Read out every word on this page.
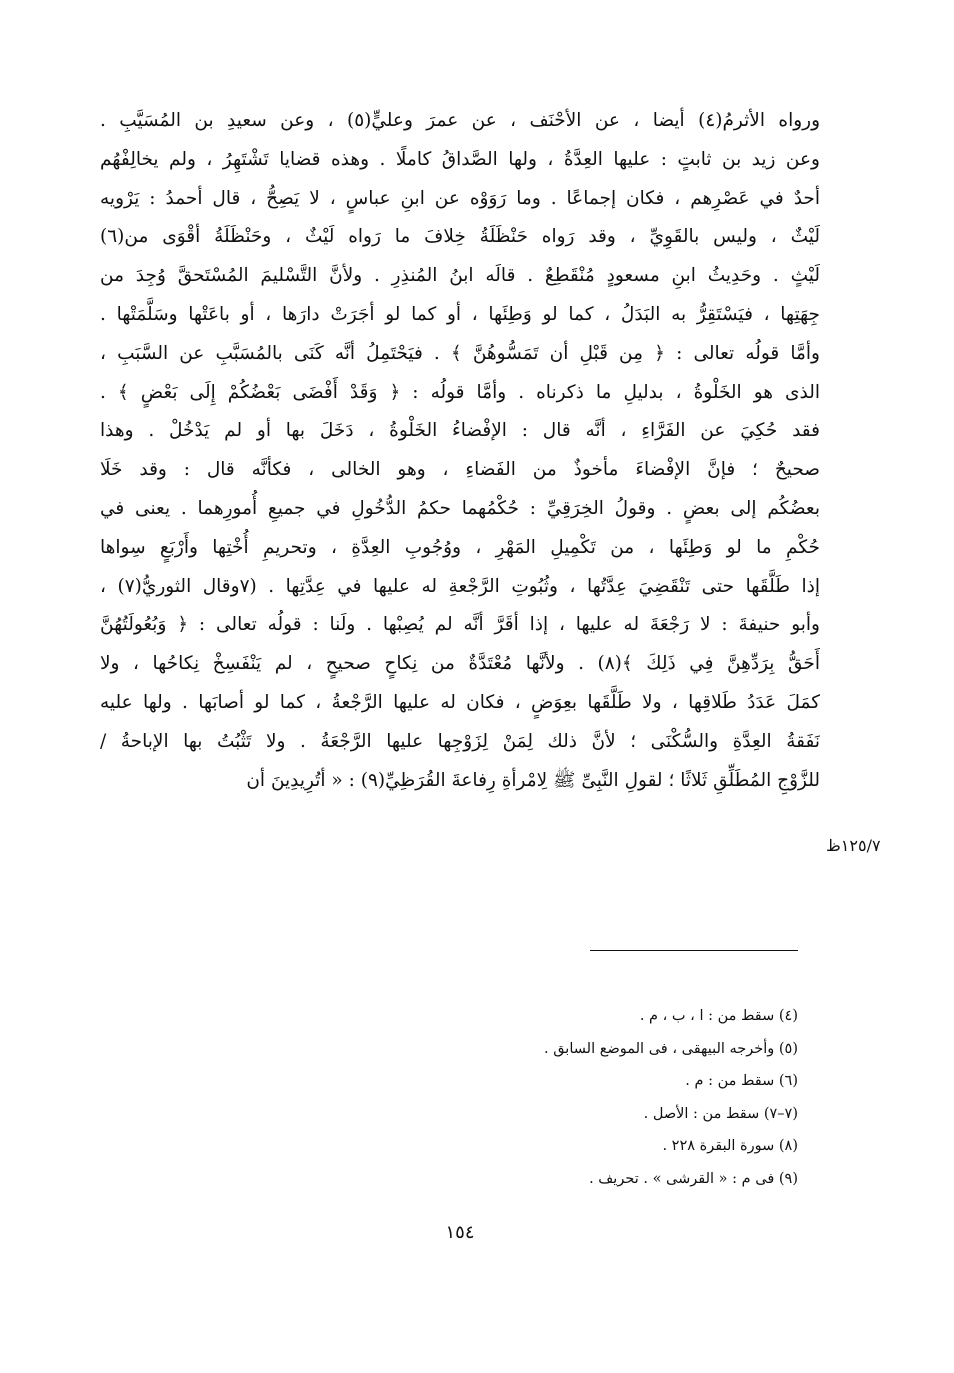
ورواه الأثرمُ(٤) أيضا ، عن الأحْنَف ، عن عمرَ وعليٍّ(٥) ، وعن سعيدِ بن المُسَيَّبِ .
وعن زيد بن ثابتٍ : عليها العِدَّةُ ، ولها الصَّداقُ كاملًا . وهذه قضايا تَشْتَهِرُ ، ولم يخالِفْهُم
أحدٌ في عَصْرِهم ، فكان إجماعًا . وما رَوَوْه عن ابنِ عباسٍ ، لا يَصِحُّ ، قال أحمدُ : يَرْويه
لَيْثٌ ، وليس بالقَوِيِّ ، وقد رَواه حَنْظَلَةُ خِلافَ ما رَواه لَيْثٌ ، وحَنْظَلَةُ أقْوَى من(٦)
لَيْثٍ . وحَدِيثُ ابنِ مسعودٍ مُنْقَطِعٌ . قالَه ابنُ المُنذِرِ . ولأنَّ التَّسْليمَ المُسْتَحقَّ وُجِدَ من
جِهَتِها ، فيَسْتَقِرُّ به البَدَلُ ، كما لو وَطِئَها ، أو كما لو أجَرَتْ دارَها ، أو باعَتْها وسَلَّمَتْها .
وأمَّا قولُه تعالى : ﴿ مِن قَبْلِ أن تَمَسُّوهُنَّ ﴾ . فيَحْتَمِلُ أنَّه كَنَى بالمُسَبَّبِ عن السَّبَبِ ،
الذى هو الخَلْوةُ ، بدليلِ ما ذكرناه . وأمَّا قولُه : ﴿ وَقَدْ أَفْضَى بَعْضُكُمْ إِلَى بَعْضٍ ﴾ .
فقد حُكِيَ عن الفَرَّاءِ ، أنَّه قال : الإفْضاءُ الخَلْوةُ ، دَخَلَ بها أو لم يَدْخُلْ . وهذا
صحيحٌ ؛ فإنَّ الإفْضاءَ مأخوذٌ من الفَضاءِ ، وهو الخالى ، فكأنَّه قال : وقد خَلَا
بعضُكُم إلى بعضٍ . وقولُ الخِرَقِيِّ : حُكْمُهما حكمُ الدُّخُولِ في جميعِ أُمورِهما . يعنى في
حُكْمِ ما لو وَطِئَها ، من تَكْمِيلِ المَهْرِ ، ووُجُوبِ العِدَّةِ ، وتحريمِ أُخْتِها وأَرْبَعٍ سِواها
إذا طَلَّقَها حتى تَنْقَضِيَ عِدَّتُها ، وثُبُوتِ الرَّجْعةِ له عليها في عِدَّتِها . (٧وقال الثوريُّ(٧) ،
وأبو حنيفةَ : لا رَجْعَةَ له عليها ، إذا أقَرَّ أنَّه لم يُصِبْها . ولَنا : قولُه تعالى : ﴿ وَبُعُولَتُهُنَّ
أَحَقُّ بِرَدِّهِنَّ فِي ذَلِكَ ﴾(٨) . ولأنَّها مُعْتَدَّةٌ من نِكاحٍ صحيحٍ ، لم يَنْفَسِخْ نِكاحُها ، ولا
كمَلَ عَدَدُ طَلاقِها ، ولا طَلَّقَها بعِوَضٍ ، فكان له عليها الرَّجْعةُ ، كما لو أصابَها . ولها عليه
نَفَقةُ العِدَّةِ والسُّكْنَى ؛ لأنَّ ذلك لِمَنْ لِزَوْجِها عليها الرَّجْعَةُ . ولا تَثْبُتُ بها الإباحةُ /
للزَّوْجِ المُطَلِّقِ ثَلاثًا ؛ لقولِ النَّبِىِّ ﷺ لِامْرأةِ رِفاعةَ القُرَظِيِّ(٩) : « أتُرِيدِينَ أن
١٢٥/٧ظ
(٤) سقط من : ا ، ب ، م .
(٥) وأخرجه البيهقى ، فى الموضع السابق .
(٦) سقط من : م .
(٧–٧) سقط من : الأصل .
(٨) سورة البقرة ٢٢٨ .
(٩) فى م : « القرشى » . تحريف .
١٥٤
